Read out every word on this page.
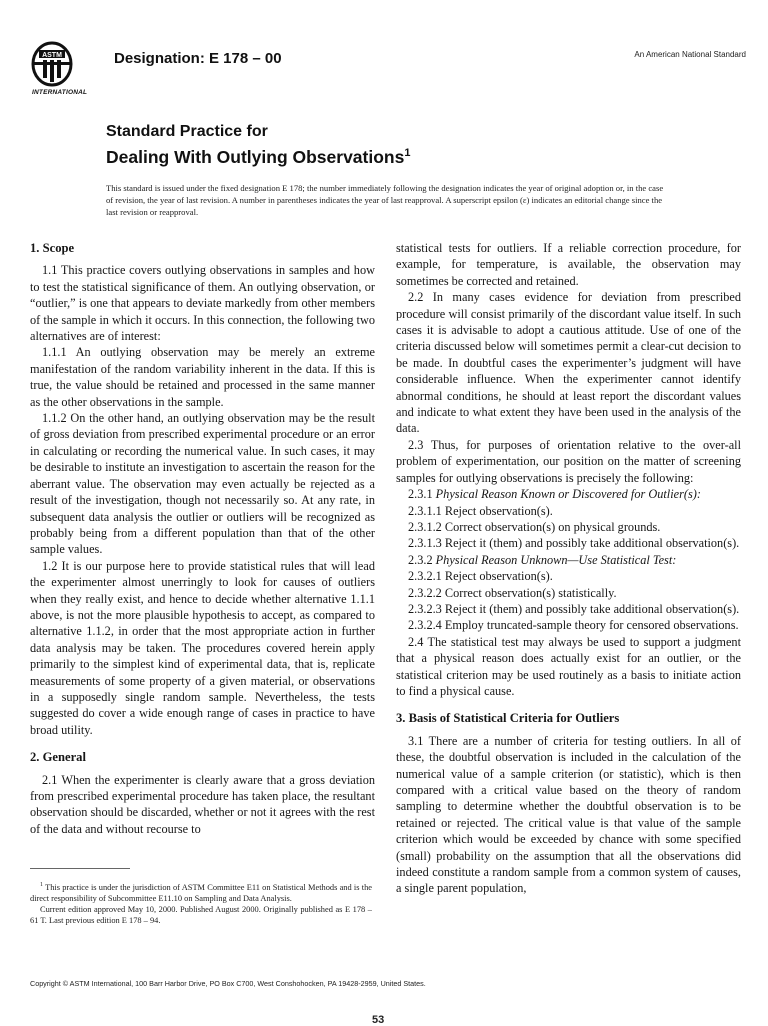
ASTM
INTERNATIONAL
Designation: E 178 – 00	An American National Standard
Standard Practice for
Dealing With Outlying Observations$^1$
This standard is issued under the fixed designation E 178; the number immediately following the designation indicates the year of original adoption or, in the case of revision, the year of last revision. A number in parentheses indicates the year of last reapproval. A superscript epsilon (ε) indicates an editorial change since the last revision or reapproval.

1. Scope

1.1 This practice covers outlying observations in samples and how to test the statistical significance of them. An outlying observation, or “outlier,” is one that appears to deviate markedly from other members of the sample in which it occurs. In this connection, the following two alternatives are of interest:

1.1.1 An outlying observation may be merely an extreme manifestation of the random variability inherent in the data. If this is true, the value should be retained and processed in the same manner as the other observations in the sample.

1.1.2 On the other hand, an outlying observation may be the result of gross deviation from prescribed experimental procedure or an error in calculating or recording the numerical value. In such cases, it may be desirable to institute an investigation to ascertain the reason for the aberrant value. The observation may even actually be rejected as a result of the investigation, though not necessarily so. At any rate, in subsequent data analysis the outlier or outliers will be recognized as probably being from a different population than that of the other sample values.

1.2 It is our purpose here to provide statistical rules that will lead the experimenter almost unerringly to look for causes of outliers when they really exist, and hence to decide whether alternative 1.1.1 above, is not the more plausible hypothesis to accept, as compared to alternative 1.1.2, in order that the most appropriate action in further data analysis may be taken. The procedures covered herein apply primarily to the simplest kind of experimental data, that is, replicate measurements of some property of a given material, or observations in a supposedly single random sample. Nevertheless, the tests suggested do cover a wide enough range of cases in practice to have broad utility.

2. General

2.1 When the experimenter is clearly aware that a gross deviation from prescribed experimental procedure has taken place, the resultant observation should be discarded, whether or not it agrees with the rest of the data and without recourse to

statistical tests for outliers. If a reliable correction procedure, for example, for temperature, is available, the observation may sometimes be corrected and retained.

2.2 In many cases evidence for deviation from prescribed procedure will consist primarily of the discordant value itself. In such cases it is advisable to adopt a cautious attitude. Use of one of the criteria discussed below will sometimes permit a clear-cut decision to be made. In doubtful cases the experimenter’s judgment will have considerable influence. When the experimenter cannot identify abnormal conditions, he should at least report the discordant values and indicate to what extent they have been used in the analysis of the data.

2.3 Thus, for purposes of orientation relative to the over-all problem of experimentation, our position on the matter of screening samples for outlying observations is precisely the following:

2.3.1 Physical Reason Known or Discovered for Outlier(s):

2.3.1.1 Reject observation(s).

2.3.1.2 Correct observation(s) on physical grounds.

2.3.1.3 Reject it (them) and possibly take additional observation(s).

2.3.2 Physical Reason Unknown—Use Statistical Test:

2.3.2.1 Reject observation(s).

2.3.2.2 Correct observation(s) statistically.

2.3.2.3 Reject it (them) and possibly take additional observation(s).

2.3.2.4 Employ truncated-sample theory for censored observations.

2.4 The statistical test may always be used to support a judgment that a physical reason does actually exist for an outlier, or the statistical criterion may be used routinely as a basis to initiate action to find a physical cause.

3. Basis of Statistical Criteria for Outliers

3.1 There are a number of criteria for testing outliers. In all of these, the doubtful observation is included in the calculation of the numerical value of a sample criterion (or statistic), which is then compared with a critical value based on the theory of random sampling to determine whether the doubtful observation is to be retained or rejected. The critical value is that value of the sample criterion which would be exceeded by chance with some specified (small) probability on the assumption that all the observations did indeed constitute a random sample from a common system of causes, a single parent population,

$^1$ This practice is under the jurisdiction of ASTM Committee E11 on Statistical Methods and is the direct responsibility of Subcommittee E11.10 on Sampling and Data Analysis.

Current edition approved May 10, 2000. Published August 2000. Originally published as E 178 – 61 T. Last previous edition E 178 – 94.

Copyright © ASTM International, 100 Barr Harbor Drive, PO Box C700, West Conshohocken, PA 19428-2959, United States.
53
